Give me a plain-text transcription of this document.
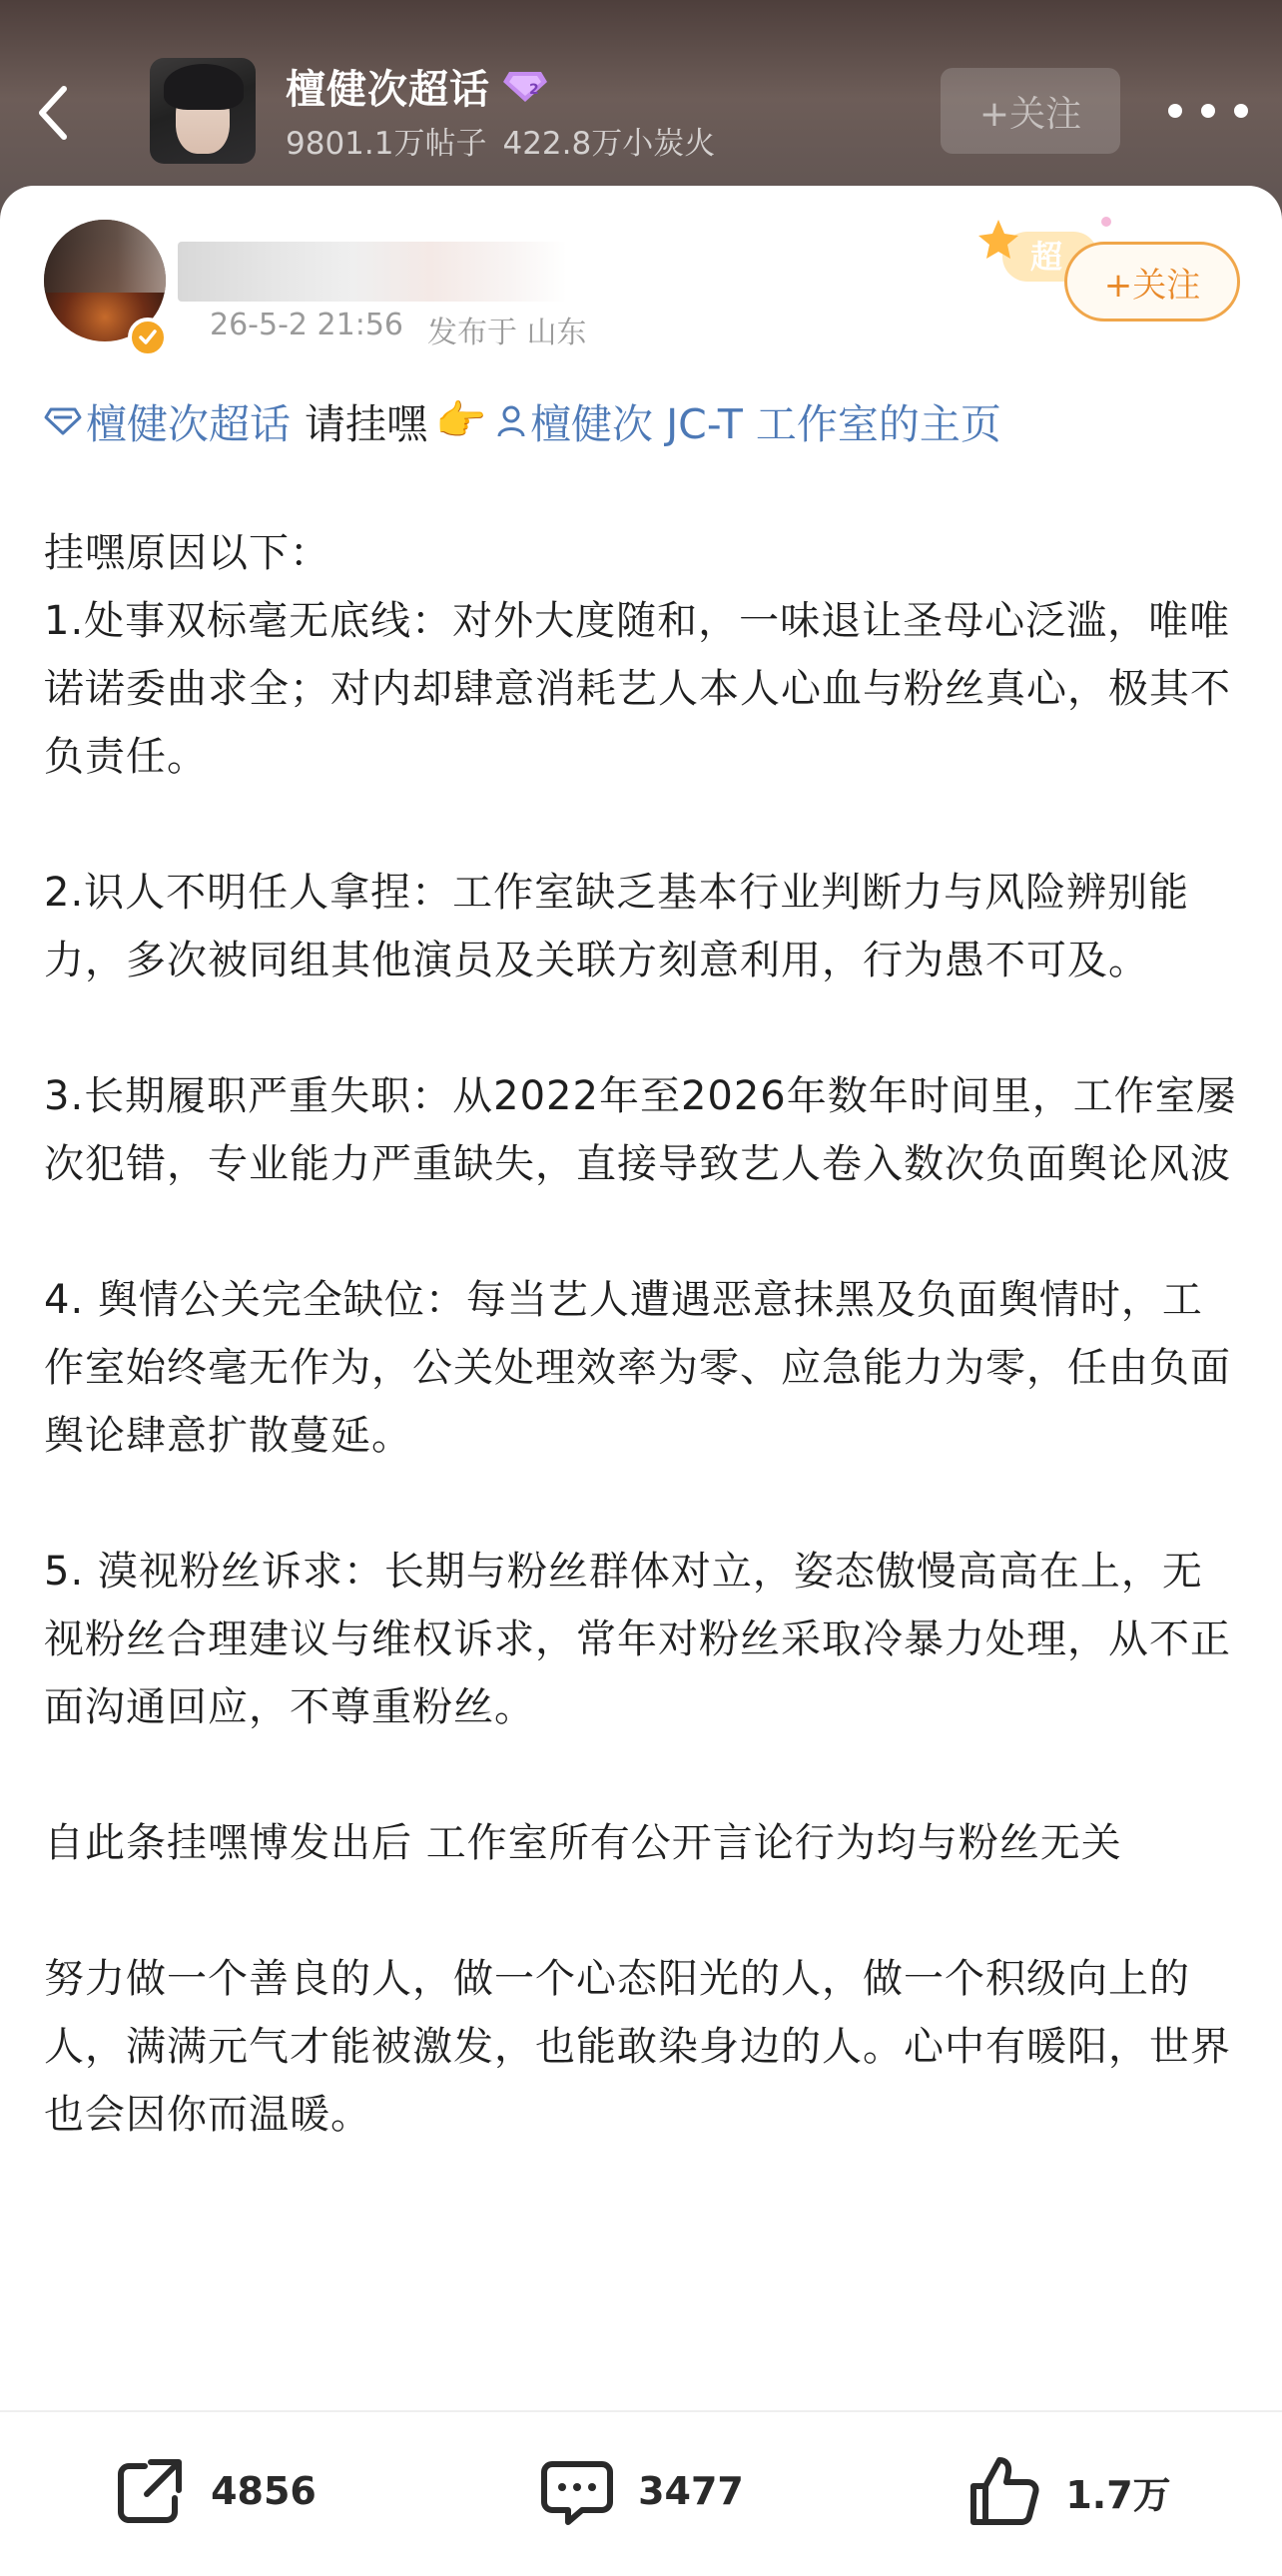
檀健次超话	2
9801.1万帖子 422.8万小炭火
+关注
26-5-2 21:56 发布于 山东
超
+关注
檀健次超话 请挂嘿 👉 檀健次 JC-T 工作室的主页

挂嘿原因以下：

1.处事双标毫无底线：对外大度随和，一味退让圣母心泛滥，唯唯诺诺委曲求全；对内却肆意消耗艺人本人心血与粉丝真心，极其不负责任。

2.识人不明任人拿捏：工作室缺乏基本行业判断力与风险辨别能力，多次被同组其他演员及关联方刻意利用，行为愚不可及。

3.长期履职严重失职：从2022年至2026年数年时间里，工作室屡次犯错，专业能力严重缺失，直接导致艺人卷入数次负面舆论风波

4. 舆情公关完全缺位：每当艺人遭遇恶意抹黑及负面舆情时，工作室始终毫无作为，公关处理效率为零、应急能力为零，任由负面舆论肆意扩散蔓延。

5. 漠视粉丝诉求：长期与粉丝群体对立，姿态傲慢高高在上，无视粉丝合理建议与维权诉求，常年对粉丝采取冷暴力处理，从不正面沟通回应，不尊重粉丝。

自此条挂嘿博发出后 工作室所有公开言论行为均与粉丝无关

努力做一个善良的人，做一个心态阳光的人，做一个积级向上的人，满满元气才能被激发，也能敢染身边的人。心中有暖阳，世界也会因你而温暖。

4856	3477	1.7万
